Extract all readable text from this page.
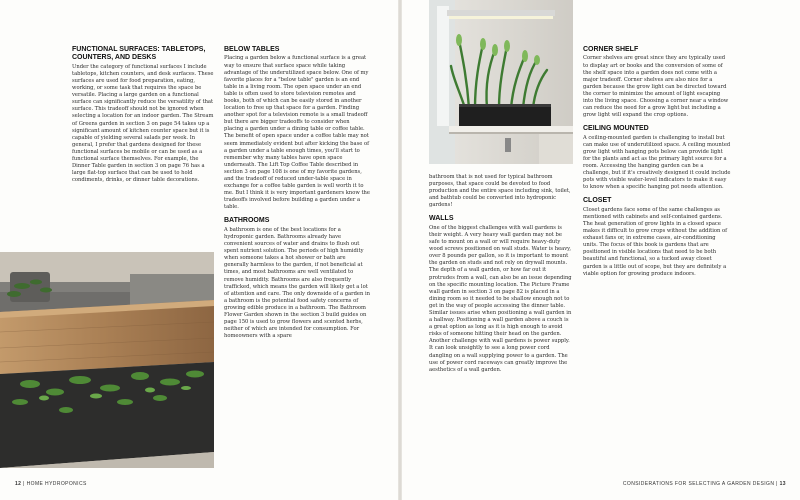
FUNCTIONAL SURFACES: TABLETOPS, COUNTERS, AND DESKS

Under the category of functional surfaces I include tabletops, kitchen counters, and desk surfaces. These surfaces are used for food preparation, eating, working, or some task that requires the space be versatile. Placing a large garden on a functional surface can significantly reduce the versatility of that surface. This tradeoff should not be ignored when selecting a location for an indoor garden. The Stream of Greens garden in section 3 on page 54 takes up a significant amount of kitchen counter space but it is capable of yielding several salads per week. In general, I prefer that gardens designed for these functional surfaces be mobile or can be used as a functional surface themselves. For example, the Dinner Table garden in section 3 on page 76 has a large flat-top surface that can be used to hold condiments, drinks, or dinner table decorations.

BELOW TABLES

Placing a garden below a functional surface is a great way to ensure that surface space while taking advantage of the underutilized space below. One of my favorite places for a "below table" garden is an end table in a living room. The open space under an end table is often used to store television remotes and books, both of which can be easily stored in another location to free up that space for a garden. Finding another spot for a television remote is a small tradeoff but there are bigger tradeoffs to consider when placing a garden under a dining table or coffee table. The benefit of open space under a coffee table may not seem immediately evident but after kicking the base of a garden under a table enough times, you'll start to remember why many tables have open space underneath. The Lift Top Coffee Table described in section 3 on page 108 is one of my favorite gardens, and the tradeoff of reduced under-table space in exchange for a coffee table garden is well worth it to me. But I think it is very important gardeners know the tradeoffs involved before building a garden under a table.

BATHROOMS

A bathroom is one of the best locations for a hydroponic garden. Bathrooms already have convenient sources of water and drains to flush out spent nutrient solution. The periods of high humidity when someone takes a hot shower or bath are generally harmless to the garden, if not beneficial at times, and most bathrooms are well ventilated to remove humidity. Bathrooms are also frequently trafficked, which means the garden will likely get a lot of attention and care. The only downside of a garden in a bathroom is the potential food safety concerns of growing edible produce in a bathroom. The Bathroom Flower Garden shown in the section 3 build guides on page 150 is used to grow flowers and scented herbs, neither of which are intended for consumption. For homeowners with a spare

bathroom that is not used for typical bathroom purposes, that space could be devoted to food production and the entire space including sink, toilet, and bathtub could be converted into hydroponic gardens!

WALLS

One of the biggest challenges with wall gardens is their weight. A very heavy wall garden may not be safe to mount on a wall or will require heavy-duty wood screws positioned on wall studs. Water is heavy, over 8 pounds per gallon, so it is important to mount the garden on studs and not rely on drywall mounts. The depth of a wall garden, or how far out it protrudes from a wall, can also be an issue depending on the specific mounting location. The Picture Frame wall garden in section 3 on page 82 is placed in a dining room so it needed to be shallow enough not to get in the way of people accessing the dinner table. Similar issues arise when positioning a wall garden in a hallway. Positioning a wall garden above a couch is a great option as long as it is high enough to avoid risks of someone hitting their head on the garden. Another challenge with wall gardens is power supply. It can look unsightly to see a long power cord dangling on a wall supplying power to a garden. The use of power cord raceways can greatly improve the aesthetics of a wall garden.

CORNER SHELF

Corner shelves are great since they are typically used to display art or books and the conversion of some of the shelf space into a garden does not come with a major tradeoff. Corner shelves are also nice for a garden because the grow light can be directed toward the corner to minimize the amount of light escaping into the living space. Choosing a corner near a window can reduce the need for a grow light but including a grow light will expand the crop options.

CEILING MOUNTED

A ceiling-mounted garden is challenging to install but can make use of underutilized space. A ceiling mounted grow light with hanging pots below can provide light for the plants and act as the primary light source for a room. Accessing the hanging garden can be a challenge, but if it's creatively designed it could include pots with visible water-level indicators to make it easy to know when a specific hanging pot needs attention.

CLOSET

Closet gardens face some of the same challenges as mentioned with cabinets and self-contained gardens. The heat generation of grow lights in a closed space makes it difficult to grow crops without the addition of exhaust fans or, in extreme cases, air-conditioning units. The focus of this book is gardens that are positioned in visible locations that need to be both beautiful and functional, so a tucked away closet garden is a little out of scope, but they are definitely a viable option for growing produce indoors.

12 | HOME HYDROPONICS	CONSIDERATIONS FOR SELECTING A GARDEN DESIGN | 13
